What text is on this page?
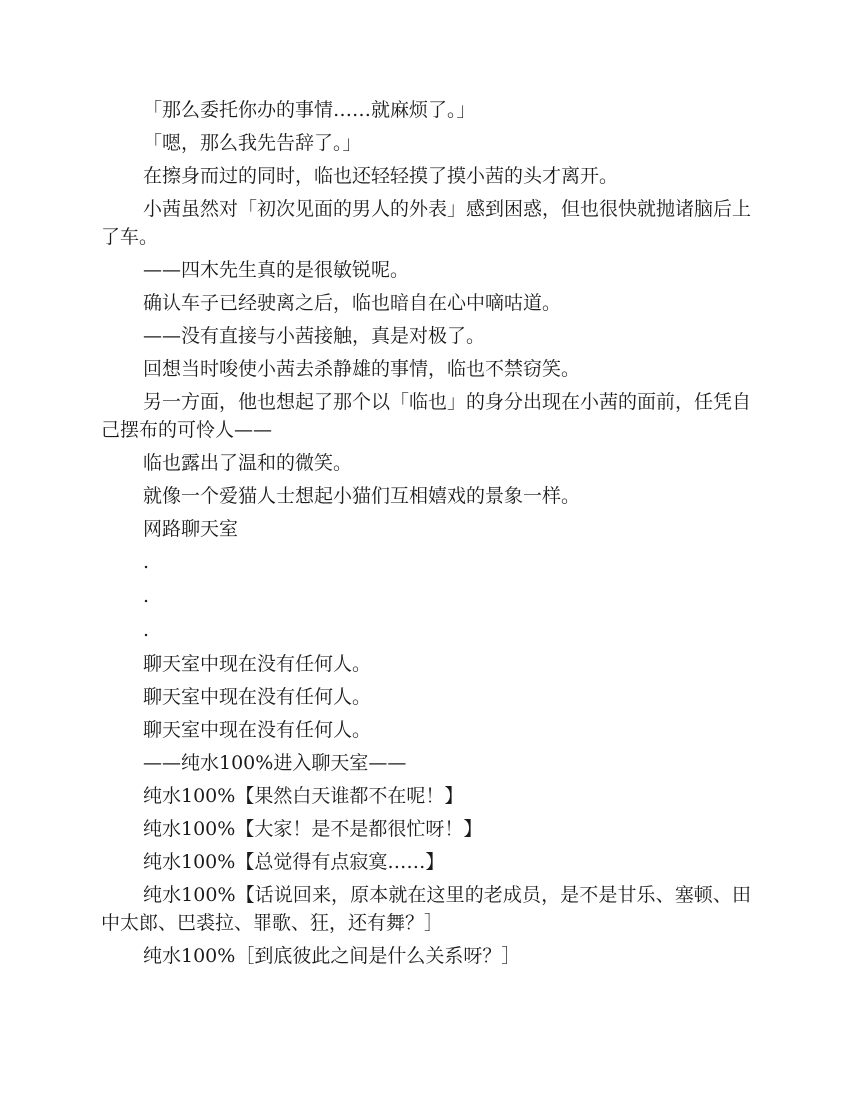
「那么委托你办的事情……就麻烦了。」

「嗯，那么我先告辞了。」

在擦身而过的同时，临也还轻轻摸了摸小茜的头才离开。

小茜虽然对「初次见面的男人的外表」感到困惑，但也很快就抛诸脑后上了车。

——四木先生真的是很敏锐呢。

确认车子已经驶离之后，临也暗自在心中嘀咕道。

——没有直接与小茜接触，真是对极了。

回想当时唆使小茜去杀静雄的事情，临也不禁窃笑。

另一方面，他也想起了那个以「临也」的身分出现在小茜的面前，任凭自己摆布的可怜人——

临也露出了温和的微笑。

就像一个爱猫人士想起小猫们互相嬉戏的景象一样。

网路聊天室

.

.

.

聊天室中现在没有任何人。

聊天室中现在没有任何人。

聊天室中现在没有任何人。

——纯水100%进入聊天室——

纯水100%【果然白天谁都不在呢！】

纯水100%【大家！是不是都很忙呀！】

纯水100%【总觉得有点寂寞……】

纯水100%【话说回来，原本就在这里的老成员，是不是甘乐、塞顿、田中太郎、巴裘拉、罪歌、狂，还有舞？］

纯水100%［到底彼此之间是什么关系呀？］
